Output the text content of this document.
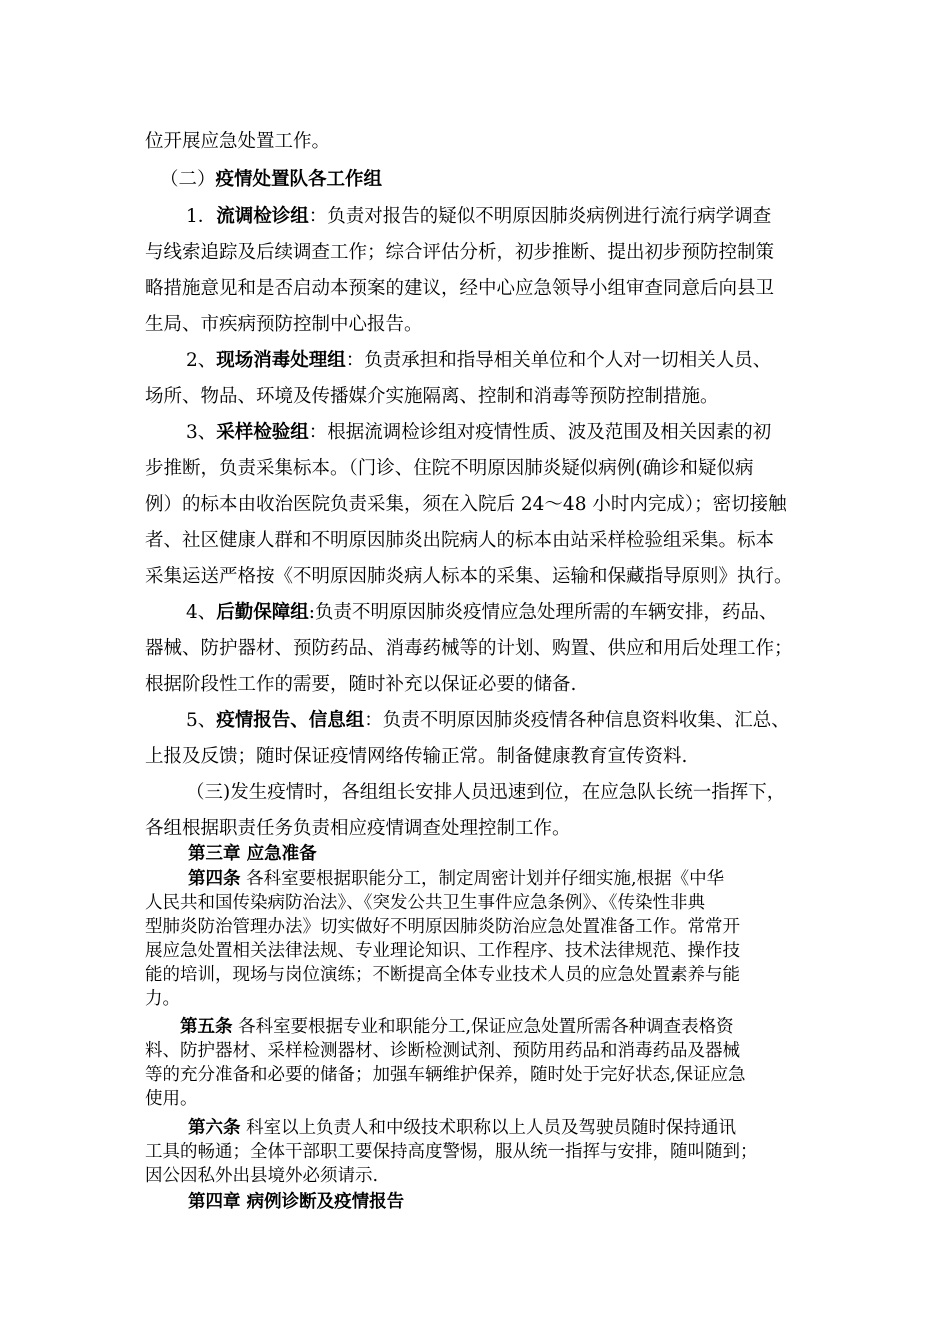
位开展应急处置工作。

（二）疫情处置队各工作组

1．流调检诊组：负责对报告的疑似不明原因肺炎病例进行流行病学调查

与线索追踪及后续调查工作；综合评估分析，初步推断、提出初步预防控制策

略措施意见和是否启动本预案的建议，经中心应急领导小组审查同意后向县卫

生局、市疾病预防控制中心报告。

2、现场消毒处理组：负责承担和指导相关单位和个人对一切相关人员、

场所、物品、环境及传播媒介实施隔离、控制和消毒等预防控制措施。

3、采样检验组：根据流调检诊组对疫情性质、波及范围及相关因素的初

步推断，负责采集标本。（门诊、住院不明原因肺炎疑似病例(确诊和疑似病

例）的标本由收治医院负责采集，须在入院后 24～48 小时内完成）；密切接触

者、社区健康人群和不明原因肺炎出院病人的标本由站采样检验组采集。标本

采集运送严格按《不明原因肺炎病人标本的采集、运输和保藏指导原则》执行。

4、后勤保障组:负责不明原因肺炎疫情应急处理所需的车辆安排，药品、

器械、防护器材、预防药品、消毒药械等的计划、购置、供应和用后处理工作；

根据阶段性工作的需要，随时补充以保证必要的储备.

5、疫情报告、信息组：负责不明原因肺炎疫情各种信息资料收集、汇总、

上报及反馈；随时保证疫情网络传输正常。制备健康教育宣传资料.

（三)发生疫情时，各组组长安排人员迅速到位，在应急队长统一指挥下，

各组根据职责任务负责相应疫情调查处理控制工作。

第三章 应急准备

第四条 各科室要根据职能分工，制定周密计划并仔细实施,根据《中华

人民共和国传染病防治法》、《突发公共卫生事件应急条例》、《传染性非典

型肺炎防治管理办法》切实做好不明原因肺炎防治应急处置准备工作。常常开

展应急处置相关法律法规、专业理论知识、工作程序、技术法律规范、操作技

能的培训，现场与岗位演练；不断提高全体专业技术人员的应急处置素养与能

力。

第五条 各科室要根据专业和职能分工,保证应急处置所需各种调查表格资

料、防护器材、采样检测器材、诊断检测试剂、预防用药品和消毒药品及器械

等的充分准备和必要的储备；加强车辆维护保养，随时处于完好状态,保证应急

使用。

第六条 科室以上负责人和中级技术职称以上人员及驾驶员随时保持通讯

工具的畅通；全体干部职工要保持高度警惕，服从统一指挥与安排，随叫随到；

因公因私外出县境外必须请示.

第四章 病例诊断及疫情报告
